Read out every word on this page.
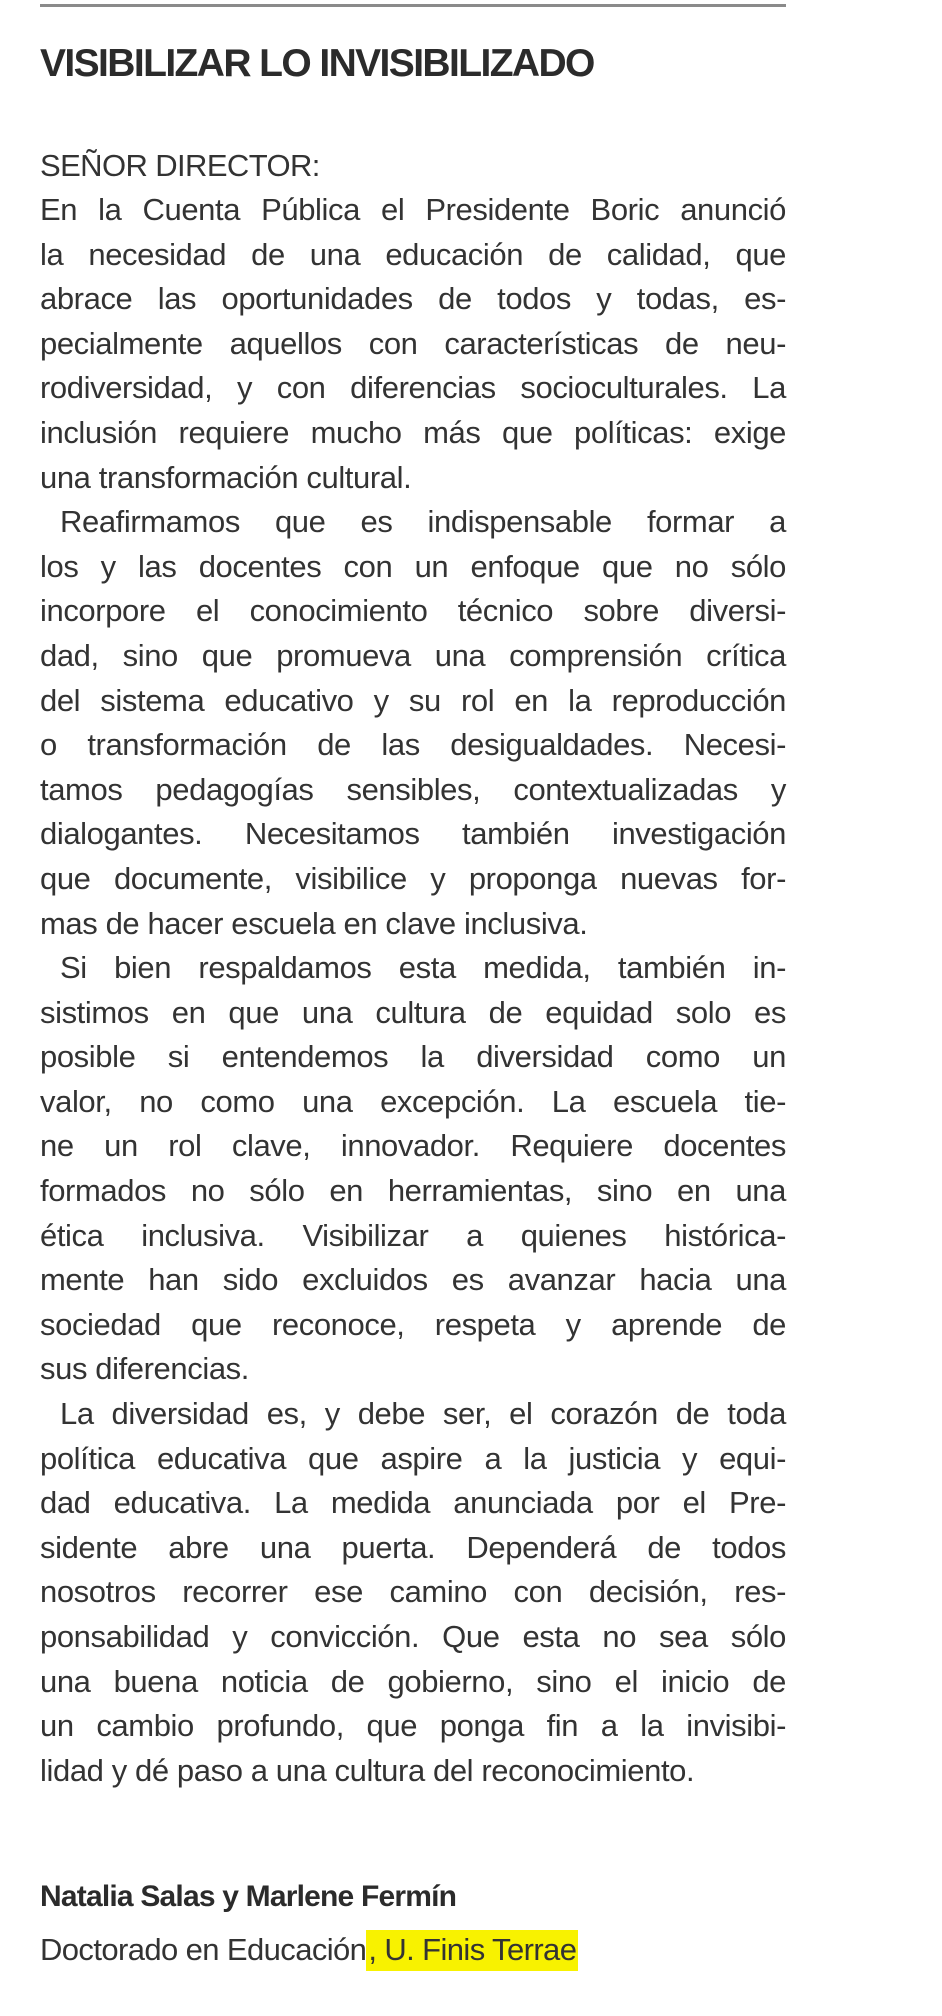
VISIBILIZAR LO INVISIBILIZADO

SEÑOR DIRECTOR:

En la Cuenta Pública el Presidente Boric anunció
la necesidad de una educación de calidad, que
abrace las oportunidades de todos y todas, es-
pecialmente aquellos con características de neu-
rodiversidad, y con diferencias socioculturales. La
inclusión requiere mucho más que políticas: exige
una transformación cultural.
Reafirmamos que es indispensable formar a
los y las docentes con un enfoque que no sólo
incorpore el conocimiento técnico sobre diversi-
dad, sino que promueva una comprensión crítica
del sistema educativo y su rol en la reproducción
o transformación de las desigualdades. Necesi-
tamos pedagogías sensibles, contextualizadas y
dialogantes. Necesitamos también investigación
que documente, visibilice y proponga nuevas for-
mas de hacer escuela en clave inclusiva.
Si bien respaldamos esta medida, también in-
sistimos en que una cultura de equidad solo es
posible si entendemos la diversidad como un
valor, no como una excepción. La escuela tie-
ne un rol clave, innovador. Requiere docentes
formados no sólo en herramientas, sino en una
ética inclusiva. Visibilizar a quienes histórica-
mente han sido excluidos es avanzar hacia una
sociedad que reconoce, respeta y aprende de
sus diferencias.
La diversidad es, y debe ser, el corazón de toda
política educativa que aspire a la justicia y equi-
dad educativa. La medida anunciada por el Pre-
sidente abre una puerta. Dependerá de todos
nosotros recorrer ese camino con decisión, res-
ponsabilidad y convicción. Que esta no sea sólo
una buena noticia de gobierno, sino el inicio de
un cambio profundo, que ponga fin a la invisibi-
lidad y dé paso a una cultura del reconocimiento.

Natalia Salas y Marlene Fermín

Doctorado en Educación, U. Finis Terrae
